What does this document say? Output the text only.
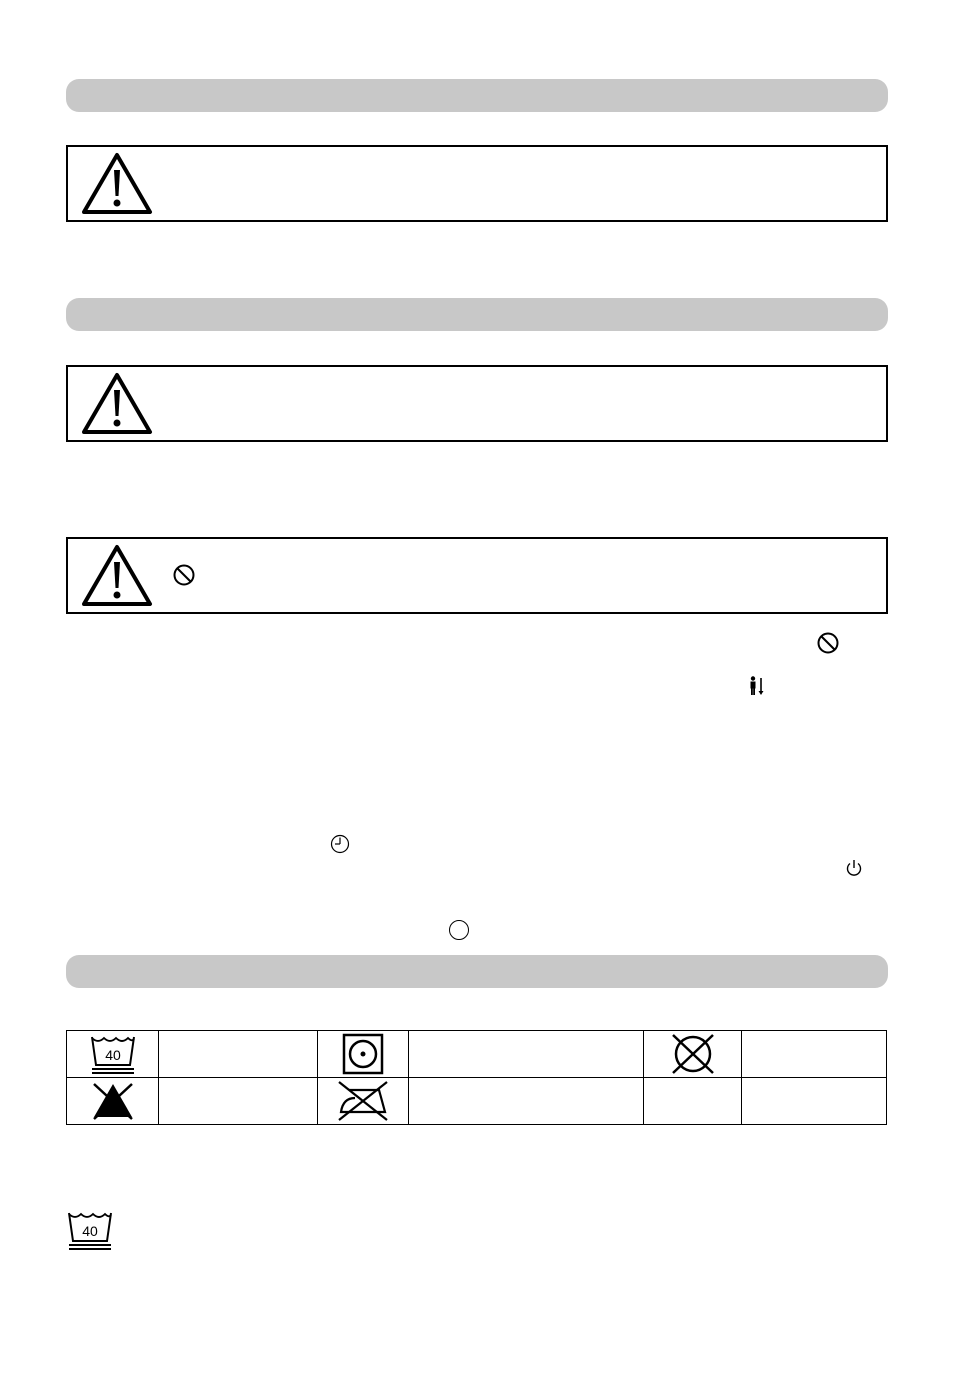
40

40
